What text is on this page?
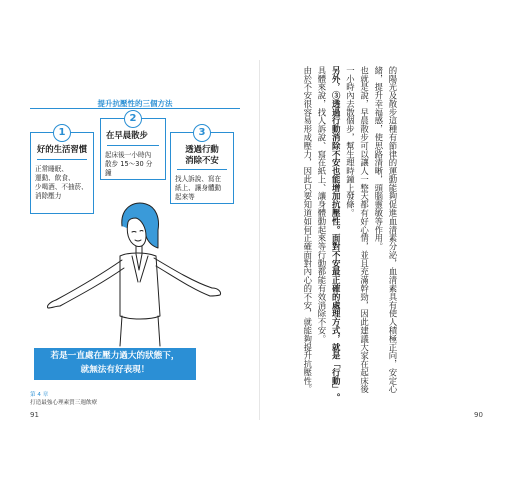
提升抗壓性的三個方法
1
好的生活習慣
正常睡眠、
運動、飲食、
少喝酒、不抽菸、
消除壓力
2
在早晨散步
起床後一小時內
散步 15～30 分
鐘
3
透過行動
消除不安
找人訴說、寫在
紙上、讓身體動
起來等
若是一直處在壓力過大的狀態下，
就無法有好表現！
第 4 章
打造最強心理素質三週飲療
91
的陽光及散步這種有節律的運動能夠促進血清素分泌，血清素具有使人積極正向，安定心
緒，提升幸福感，使思路清晰，頭腦靈敏等作用。
也就是說，早晨散步可以讓人一整天都有好心情，並且充滿幹勁，因此建議大家在起床後
一小時內去散個步，幫生理時鐘上發條。
另外，③透過行動消除不安也能增加抗壓性。面對不安最正確的處理方式，就是「行動」。
具體來說，找人訴說、寫在紙上、讓身體動起來等行動都能有效消除不安。
由於不安很容易形成壓力，因此只要知道如何正確面對內心的不安，就能夠提升抗壓性。
90
